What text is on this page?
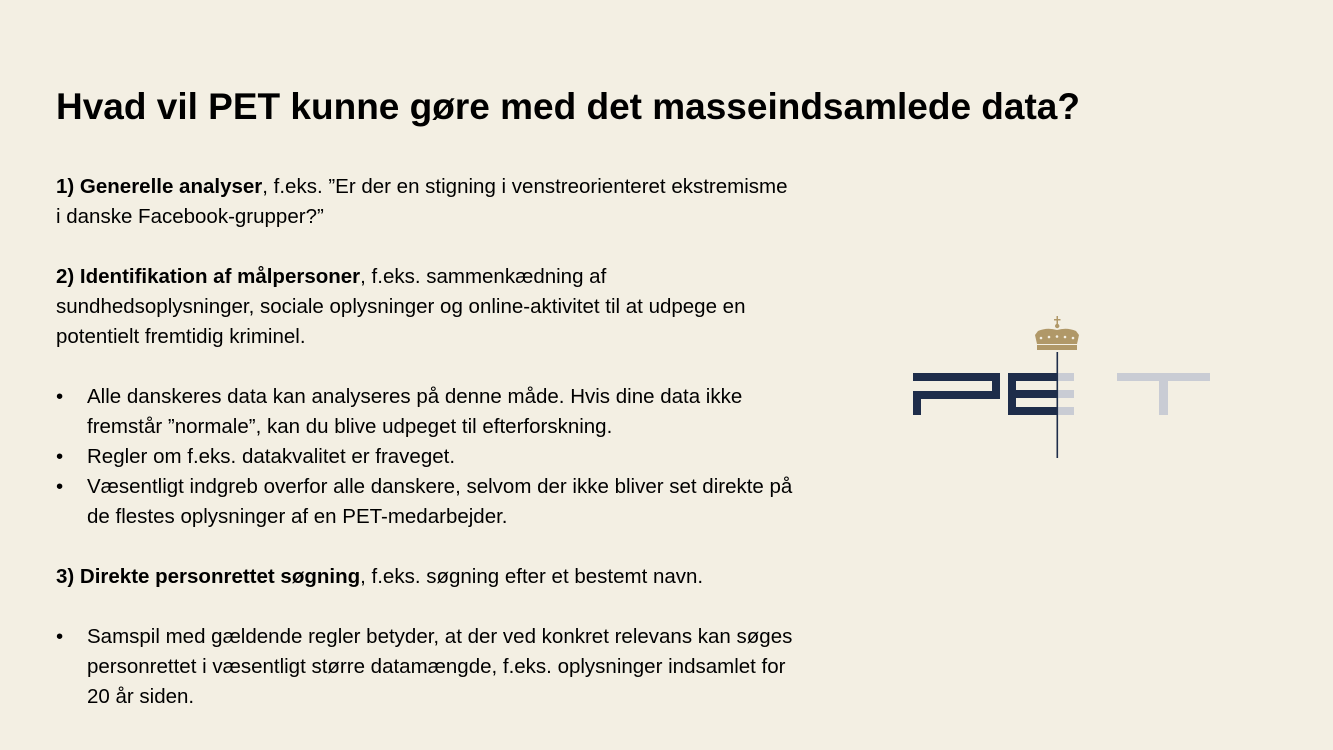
Hvad vil PET kunne gøre med det masseindsamlede data?

1) Generelle analyser, f.eks. ”Er der en stigning i venstreorienteret ekstremisme i danske Facebook-grupper?”

2) Identifikation af målpersoner, f.eks. sammenkædning af sundhedsoplysninger, sociale oplysninger og online-aktivitet til at udpege en potentielt fremtidig kriminel.

• Alle danskeres data kan analyseres på denne måde. Hvis dine data ikke fremstår ”normale”, kan du blive udpeget til efterforskning.
• Regler om f.eks. datakvalitet er fraveget.
• Væsentligt indgreb overfor alle danskere, selvom der ikke bliver set direkte på de flestes oplysninger af en PET-medarbejder.

3) Direkte personrettet søgning, f.eks. søgning efter et bestemt navn.

• Samspil med gældende regler betyder, at der ved konkret relevans kan søges personrettet i væsentligt større datamængde, f.eks. oplysninger indsamlet for 20 år siden.
